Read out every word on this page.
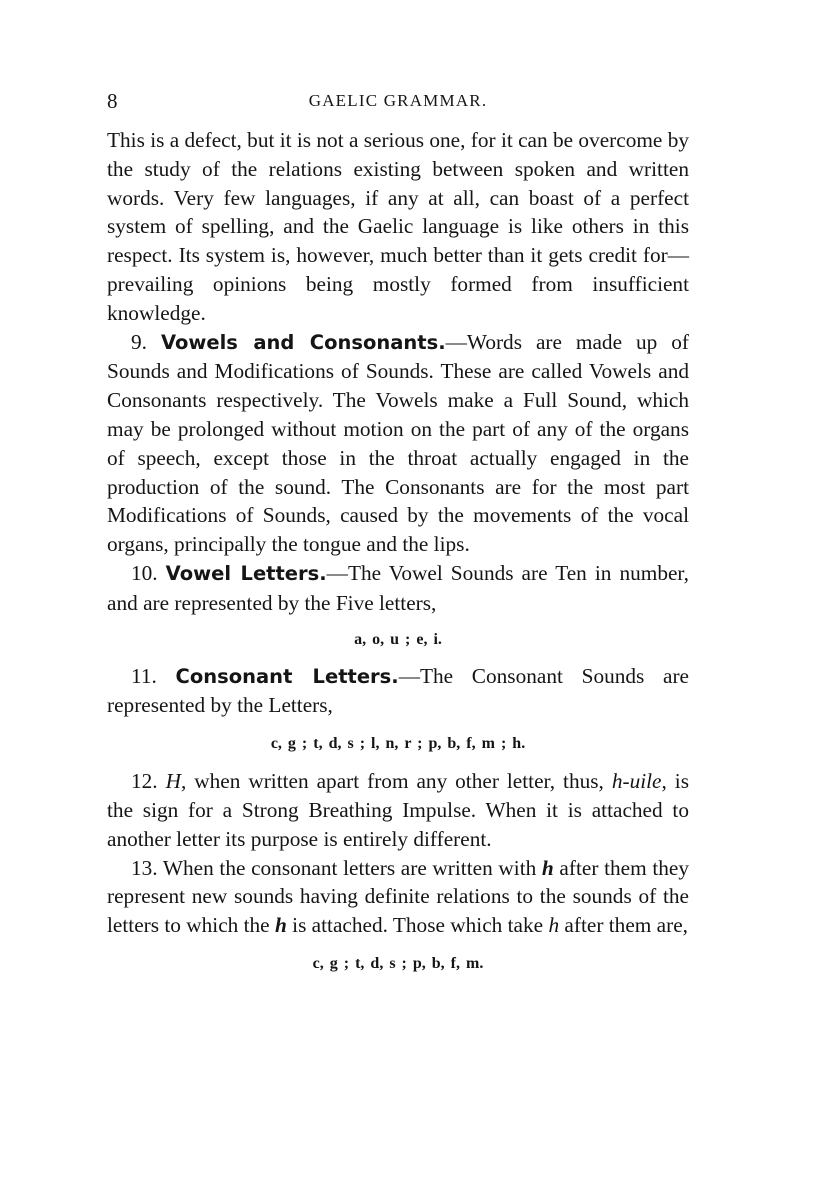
8	GAELIC GRAMMAR.

This is a defect, but it is not a serious one, for it can be overcome by the study of the relations existing between spoken and written words. Very few languages, if any at all, can boast of a perfect system of spelling, and the Gaelic language is like others in this respect. Its system is, however, much better than it gets credit for—prevailing opinions being mostly formed from insufficient knowledge.

9. Vowels and Consonants.—Words are made up of Sounds and Modifications of Sounds. These are called Vowels and Consonants respectively. The Vowels make a Full Sound, which may be prolonged without motion on the part of any of the organs of speech, except those in the throat actually engaged in the production of the sound. The Consonants are for the most part Modifications of Sounds, caused by the movements of the vocal organs, principally the tongue and the lips.

10. Vowel Letters.—The Vowel Sounds are Ten in number, and are represented by the Five letters,

a, o, u ; e, i.

11. Consonant Letters.—The Consonant Sounds are represented by the Letters,

c, g ; t, d, s ; l, n, r ; p, b, f, m ; h.

12. H, when written apart from any other letter, thus, h-uile, is the sign for a Strong Breathing Impulse. When it is attached to another letter its purpose is entirely different.

13. When the consonant letters are written with h after them they represent new sounds having definite relations to the sounds of the letters to which the h is attached. Those which take h after them are,

c, g ; t, d, s ; p, b, f, m.
